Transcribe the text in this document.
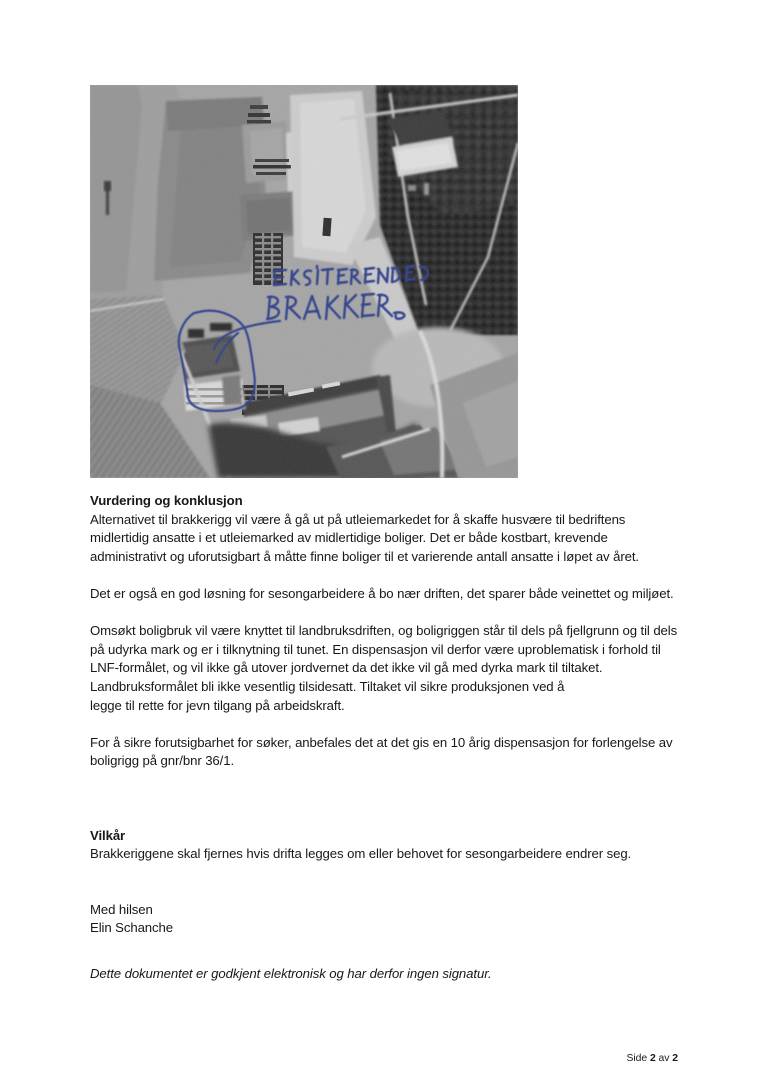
Vurdering og konklusjon

Alternativet til brakkerigg vil være å gå ut på utleiemarkedet for å skaffe husvære til bedriftens midlertidig ansatte i et utleiemarked av midlertidige boliger. Det er både kostbart, krevende administrativt og uforutsigbart å måtte finne boliger til et varierende antall ansatte i løpet av året.

Det er også en god løsning for sesongarbeidere å bo nær driften, det sparer både veinettet og miljøet.

Omsøkt boligbruk vil være knyttet til landbruksdriften, og boligriggen står til dels på fjellgrunn og til dels på udyrka mark og er i tilknytning til tunet. En dispensasjon vil derfor være uproblematisk i forhold til LNF-formålet, og vil ikke gå utover jordvernet da det ikke vil gå med dyrka mark til tiltaket. Landbruksformålet bli ikke vesentlig tilsidesatt. Tiltaket vil sikre produksjonen ved å

legge til rette for jevn tilgang på arbeidskraft.

For å sikre forutsigbarhet for søker, anbefales det at det gis en 10 årig dispensasjon for forlengelse av boligrigg på gnr/bnr 36/1.

Vilkår

Brakkeriggene skal fjernes hvis drifta legges om eller behovet for sesongarbeidere endrer seg.

Med hilsen

Elin Schanche

Dette dokumentet er godkjent elektronisk og har derfor ingen signatur.

Side 2 av 2
